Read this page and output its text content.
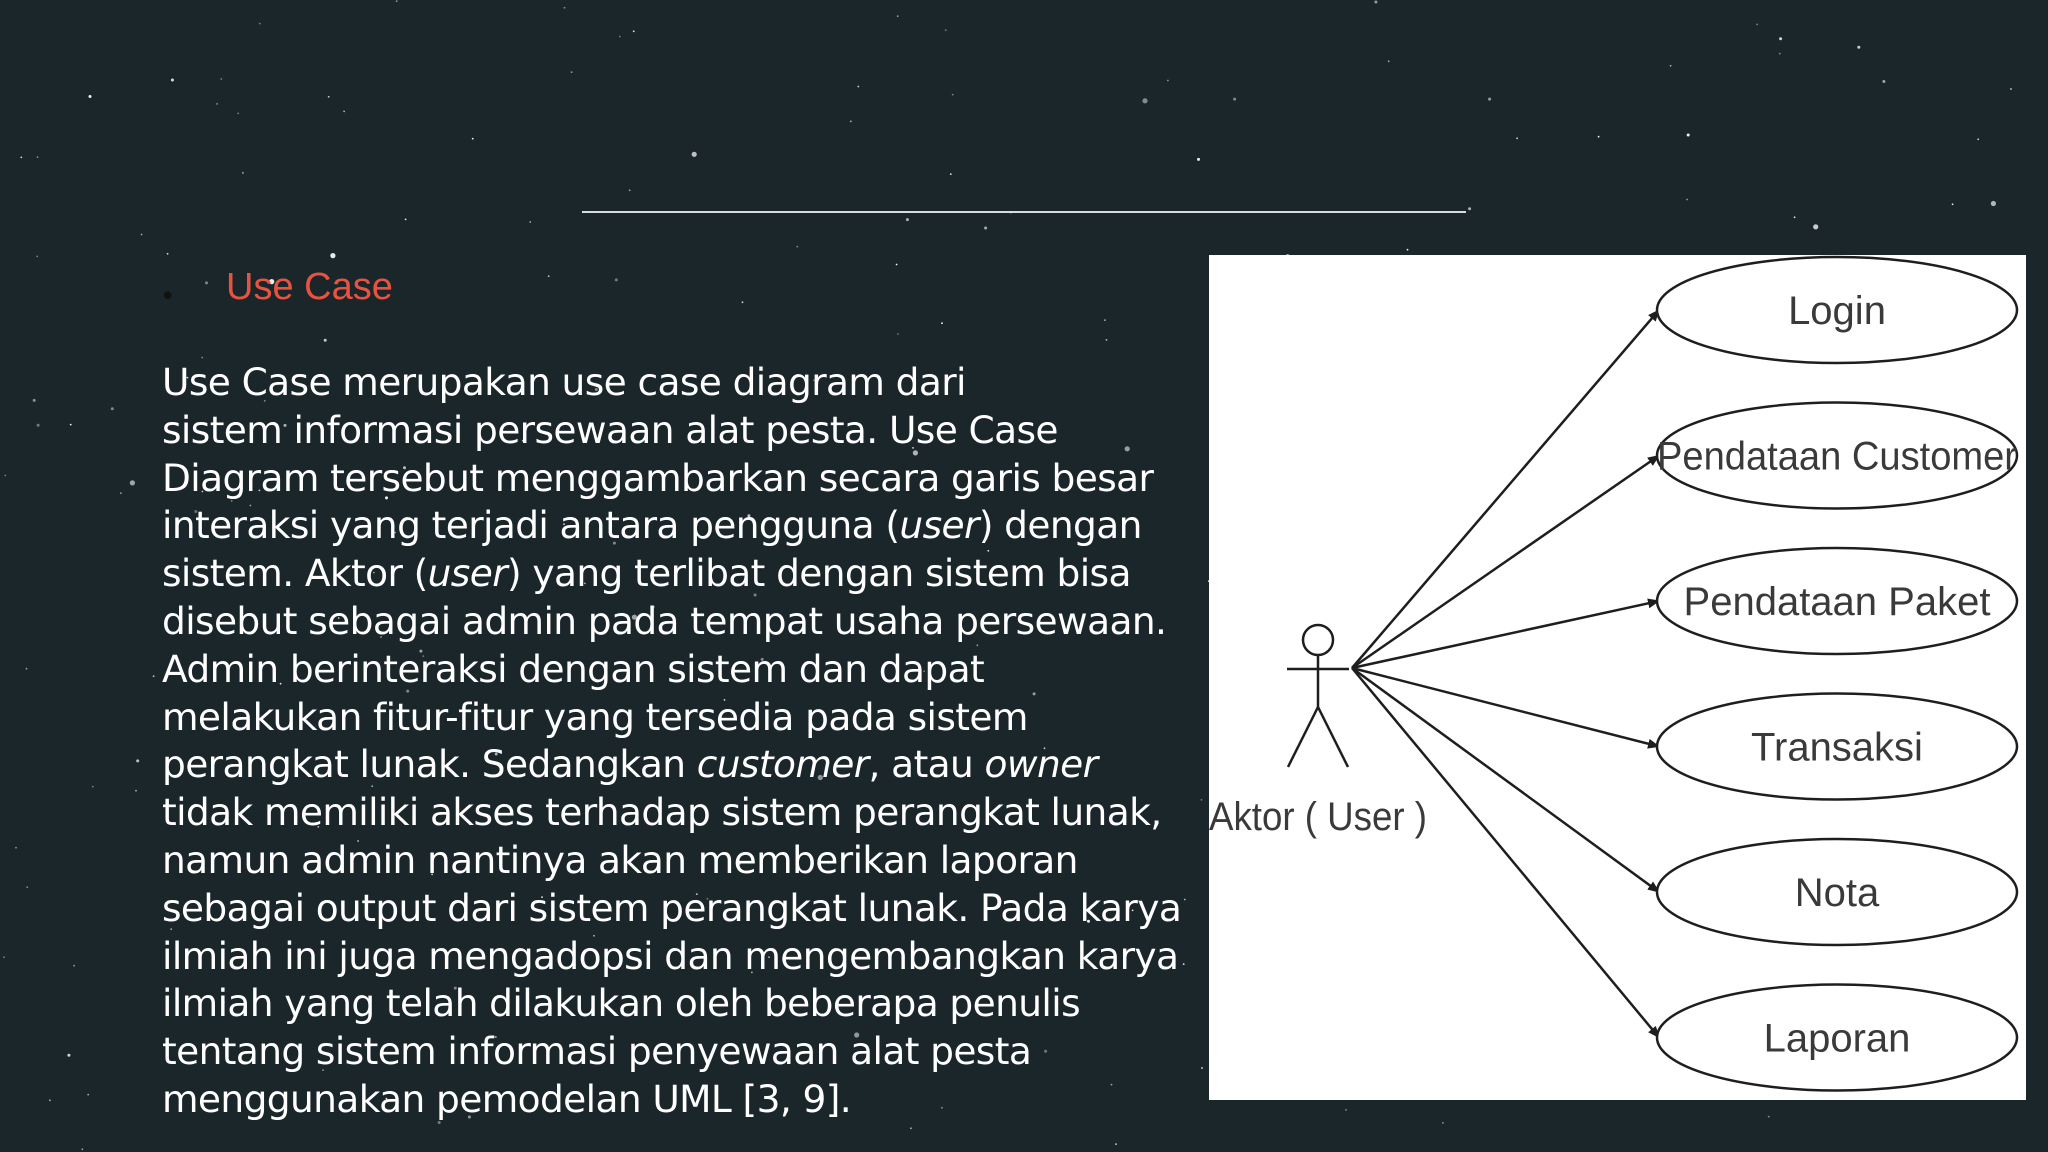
• Use Case
Use Case merupakan use case diagram dari
sistem informasi persewaan alat pesta. Use Case
Diagram tersebut menggambarkan secara garis besar
interaksi yang terjadi antara pengguna (user) dengan
sistem. Aktor (user) yang terlibat dengan sistem bisa
disebut sebagai admin pada tempat usaha persewaan.
Admin berinteraksi dengan sistem dan dapat
melakukan fitur-fitur yang tersedia pada sistem
perangkat lunak. Sedangkan customer, atau owner
tidak memiliki akses terhadap sistem perangkat lunak,
namun admin nantinya akan memberikan laporan
sebagai output dari sistem perangkat lunak. Pada karya
ilmiah ini juga mengadopsi dan mengembangkan karya
ilmiah yang telah dilakukan oleh beberapa penulis
tentang sistem informasi penyewaan alat pesta
menggunakan pemodelan UML [3, 9].
Aktor ( User )
Login
Pendataan Customer
Pendataan Paket
Transaksi
Nota
Laporan
